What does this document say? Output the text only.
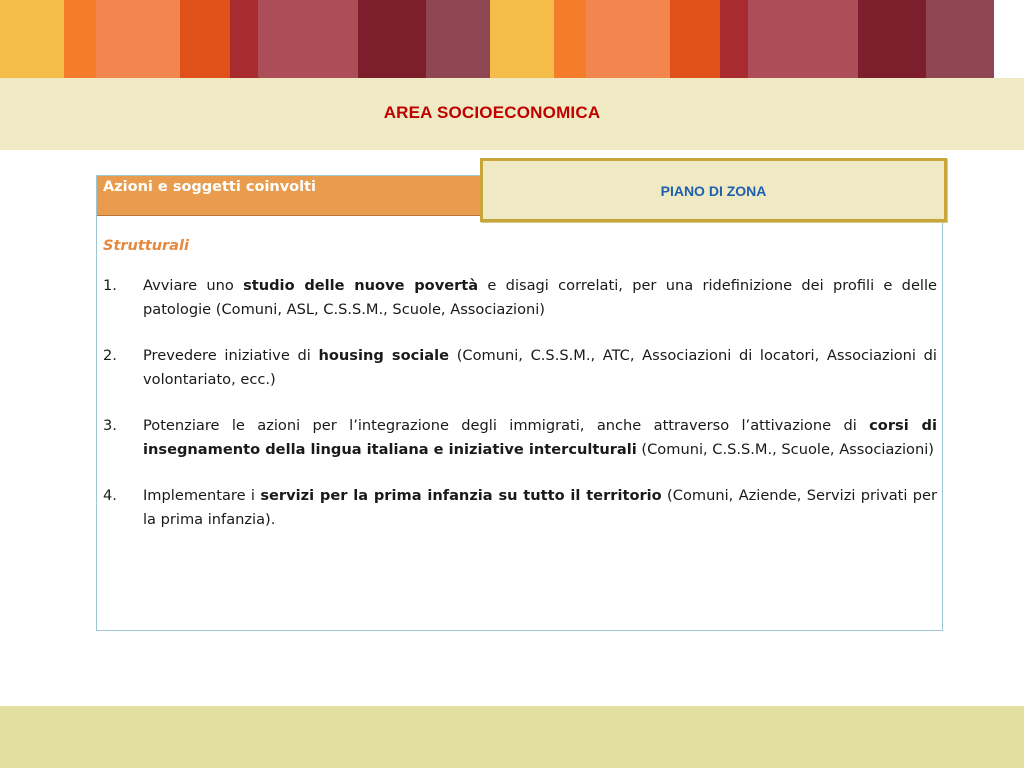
AREA SOCIOECONOMICA
Azioni e soggetti coinvolti
Strutturali
1.	Avviare uno studio delle nuove povertà e disagi correlati, per una ridefinizione dei profili e delle patologie (Comuni, ASL, C.S.S.M., Scuole, Associazioni)
2.	Prevedere iniziative di housing sociale (Comuni, C.S.S.M., ATC, Associazioni di locatori, Associazioni di volontariato, ecc.)
3.	Potenziare le azioni per l’integrazione degli immigrati, anche attraverso l’attivazione di corsi di insegnamento della lingua italiana e iniziative interculturali (Comuni, C.S.S.M., Scuole, Associazioni)
4.	Implementare i servizi per la prima infanzia su tutto il territorio (Comuni, Aziende, Servizi privati per la prima infanzia).
PIANO DI ZONA
